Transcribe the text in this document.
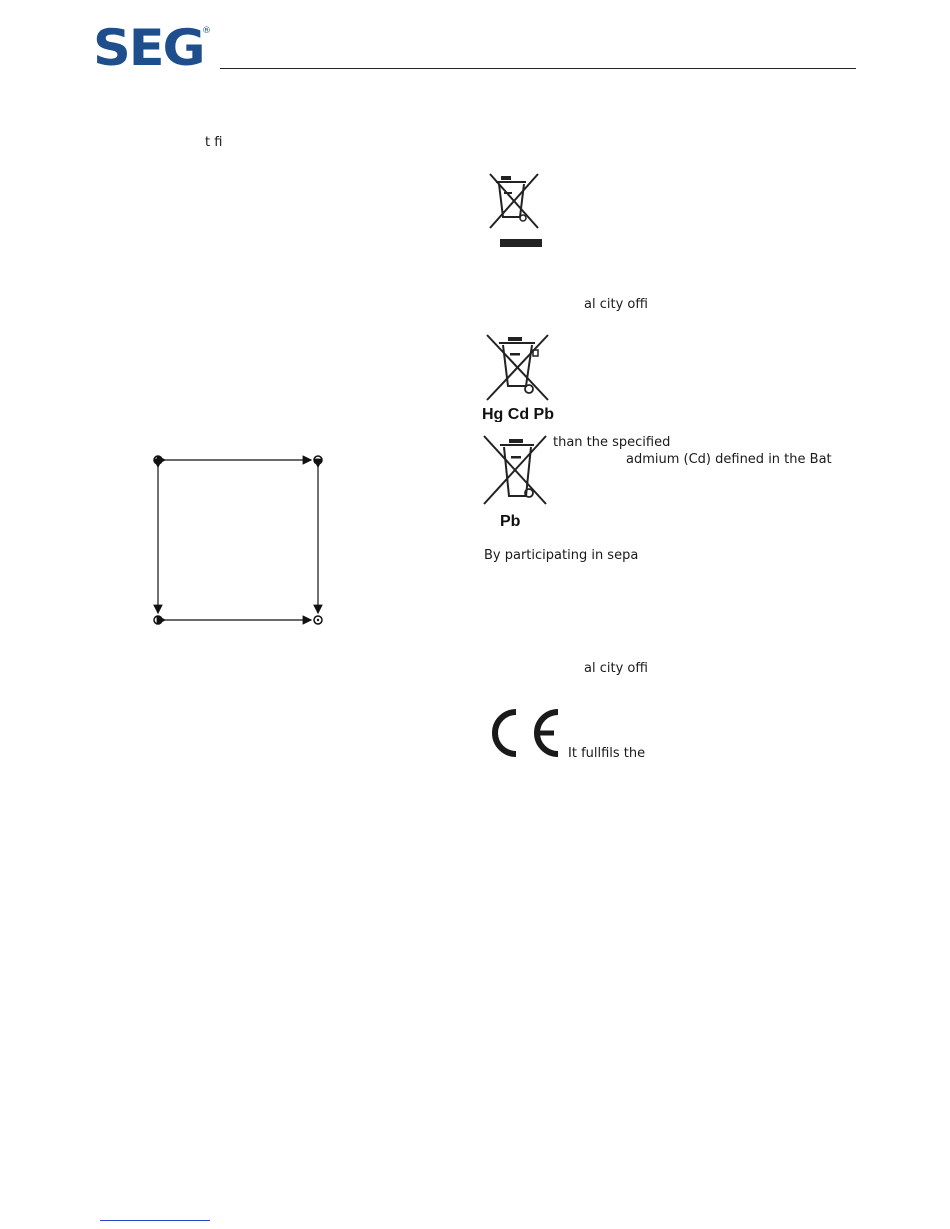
SEG
®
t fi
al city offi
Hg Cd Pb
than the specified
admium (Cd) defined in the Bat
Pb
By participating in sepa
al city offi
It fullfils the
